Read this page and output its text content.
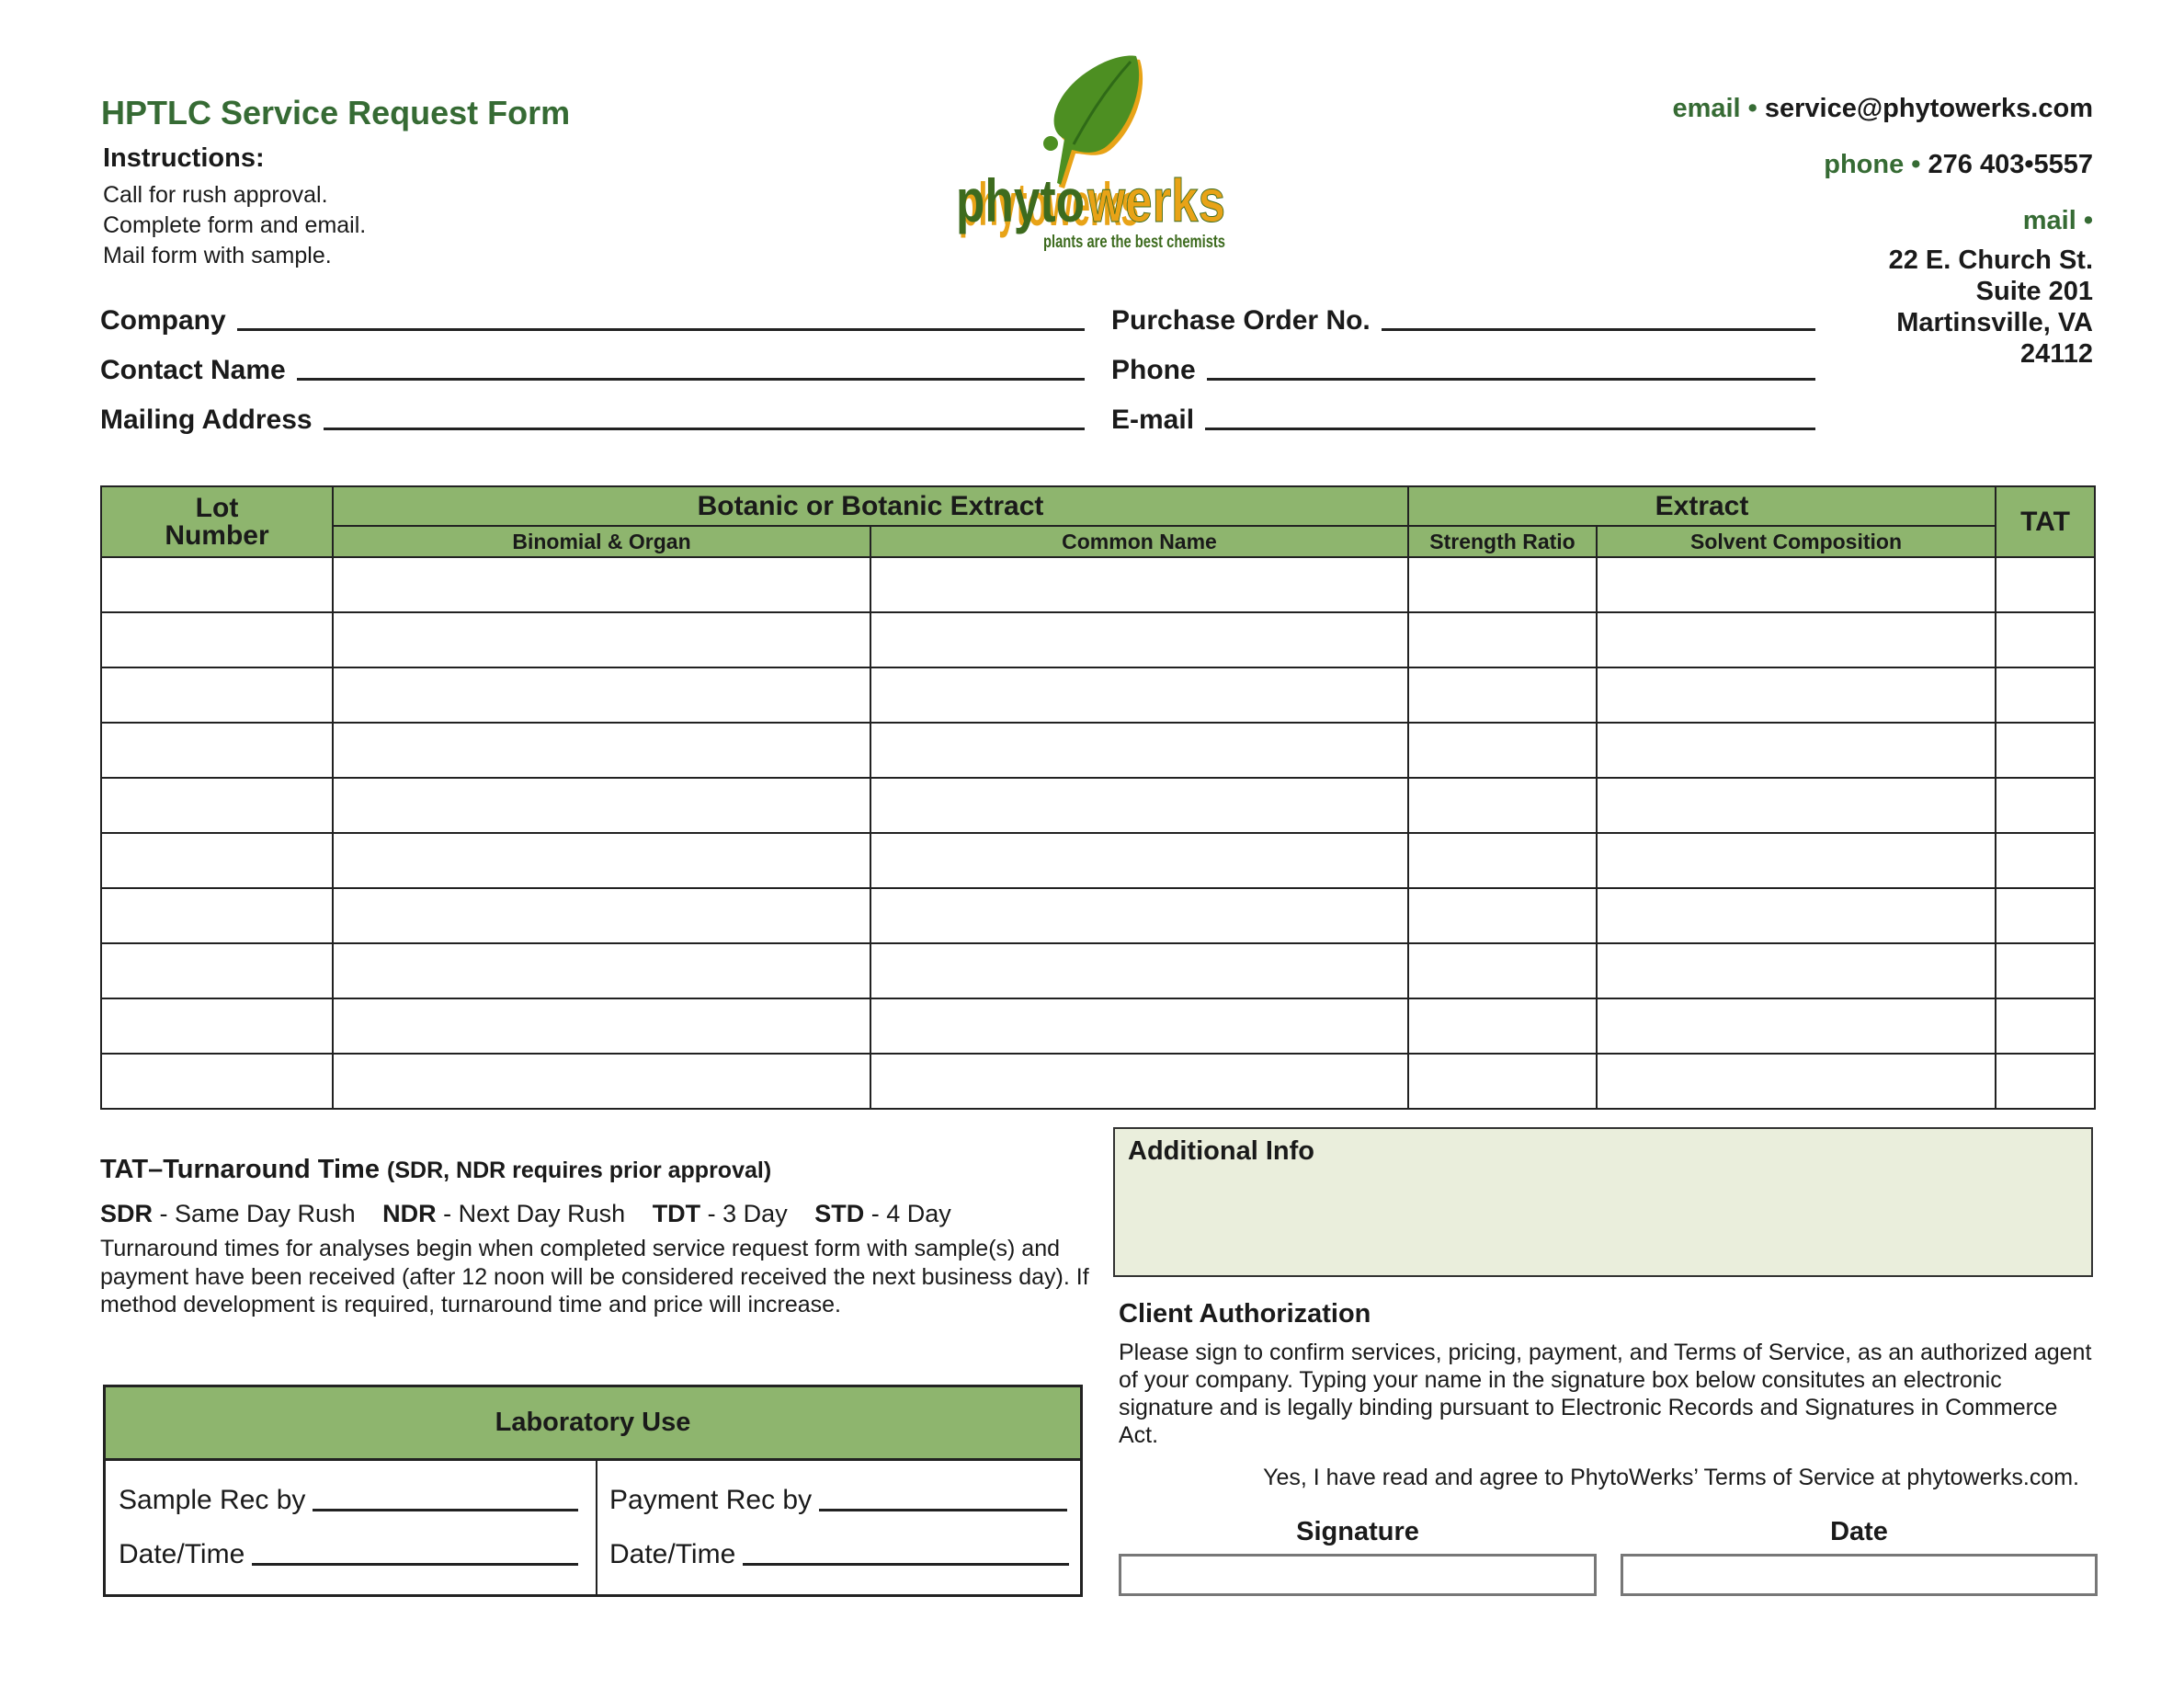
HPTLC Service Request Form
Instructions:
Call for rush approval.
Complete form and email.
Mail form with sample.
phytowerks
phyto werks
plants are the best chemists
email • service@phytowerks.com
phone • 276 403•5557
mail •
22 E. Church St.
Suite 201
Martinsville, VA
24112
Company
Contact Name
Mailing Address
Purchase Order No.
Phone
E-mail
Lot
Number	Botanic or Botanic Extract		Extract		TAT
	Binomial & Organ	Common Name	Strength Ratio	Solvent Composition	

TAT–Turnaround Time (SDR, NDR requires prior approval)
SDR - Same Day Rush NDR - Next Day Rush TDT - 3 Day STD - 4 Day
Turnaround times for analyses begin when completed service request form with sample(s) and payment have been received (after 12 noon will be considered received the next business day). If method development is required, turnaround time and price will increase.
Additional Info
Client Authorization
Please sign to confirm services, pricing, payment, and Terms of Service, as an authorized agent of your company. Typing your name in the signature box below consitutes an electronic signature and is legally binding pursuant to Electronic Records and Signatures in Commerce Act.
Yes, I have read and agree to PhytoWerks’ Terms of Service at phytowerks.com.
Signature	Date
Laboratory Use
Sample Rec by
Date/Time
Payment Rec by
Date/Time
